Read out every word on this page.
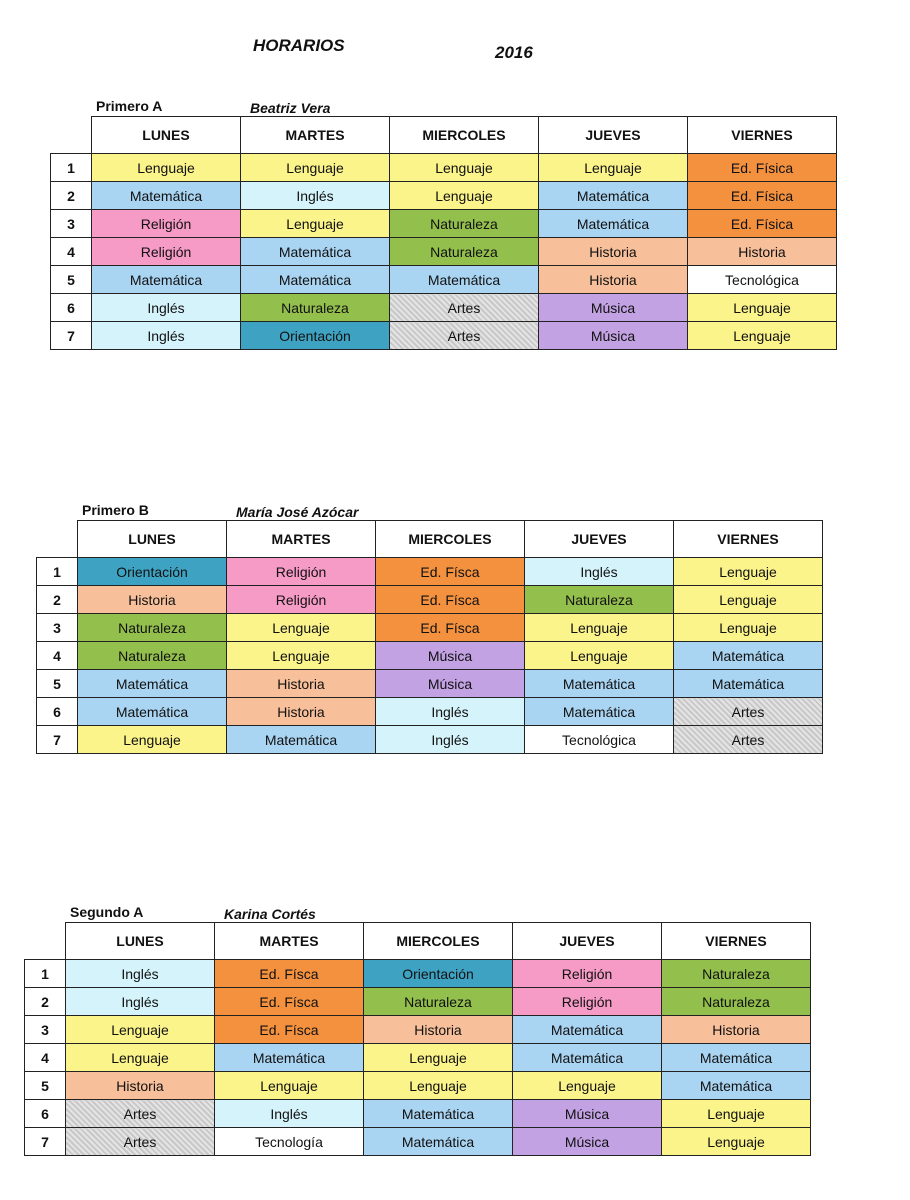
HORARIOS	2016
Primero A	Beatriz Vera
	LUNES	MARTES	MIERCOLES	JUEVES	VIERNES
1	Lenguaje	Lenguaje	Lenguaje	Lenguaje	Ed. Física
2	Matemática	Inglés	Lenguaje	Matemática	Ed. Física
3	Religión	Lenguaje	Naturaleza	Matemática	Ed. Física
4	Religión	Matemática	Naturaleza	Historia	Historia
5	Matemática	Matemática	Matemática	Historia	Tecnológica
6	Inglés	Naturaleza	Artes	Música	Lenguaje
7	Inglés	Orientación	Artes	Música	Lenguaje
Primero B	María José Azócar
	LUNES	MARTES	MIERCOLES	JUEVES	VIERNES
1	Orientación	Religión	Ed. Físca	Inglés	Lenguaje
2	Historia	Religión	Ed. Físca	Naturaleza	Lenguaje
3	Naturaleza	Lenguaje	Ed. Físca	Lenguaje	Lenguaje
4	Naturaleza	Lenguaje	Música	Lenguaje	Matemática
5	Matemática	Historia	Música	Matemática	Matemática
6	Matemática	Historia	Inglés	Matemática	Artes
7	Lenguaje	Matemática	Inglés	Tecnológica	Artes
Segundo A	Karina Cortés
	LUNES	MARTES	MIERCOLES	JUEVES	VIERNES
1	Inglés	Ed. Físca	Orientación	Religión	Naturaleza
2	Inglés	Ed. Físca	Naturaleza	Religión	Naturaleza
3	Lenguaje	Ed. Físca	Historia	Matemática	Historia
4	Lenguaje	Matemática	Lenguaje	Matemática	Matemática
5	Historia	Lenguaje	Lenguaje	Lenguaje	Matemática
6	Artes	Inglés	Matemática	Música	Lenguaje
7	Artes	Tecnología	Matemática	Música	Lenguaje
